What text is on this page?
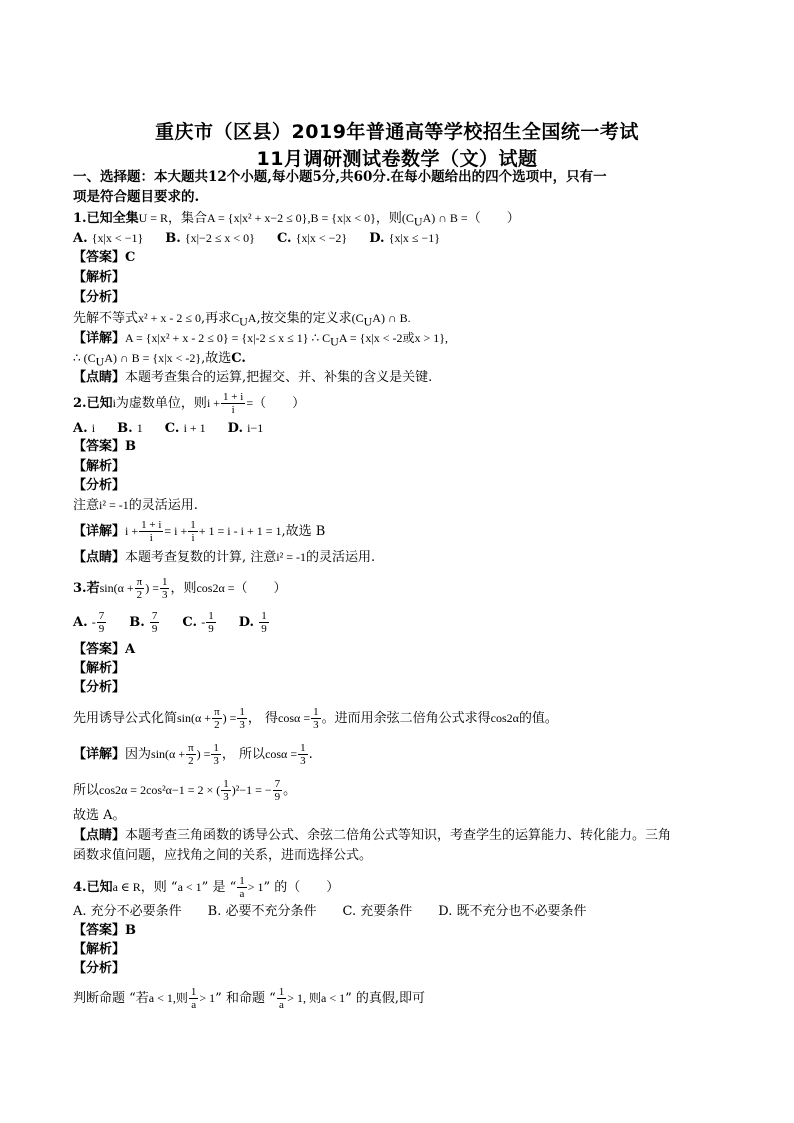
重庆市（区县）2019年普通高等学校招生全国统一考试
11月调研测试卷数学（文）试题
一、选择题：本大题共12个小题,每小题5分,共60分.在每小题给出的四个选项中，只有一
项是符合题目要求的.
1.已知全集U = R，集合A = {x|x² + x−2 ≤ 0},B = {x|x < 0}，则$(C_UA)$ ∩ B =（　　）
A. {x|x < −1} B. {x|−2 ≤ x < 0} C. {x|x < −2} D. {x|x ≤ −1}
【答案】C
【解析】
【分析】
先解不等式x² + x - 2 ≤ 0,再求$C_UA$,按交集的定义求$(C_UA)$ ∩ B.
【详解】A = {x|x² + x - 2 ≤ 0} = {x|-2 ≤ x ≤ 1} ∴ $C_UA = \{x|x < -2$或x > 1},
∴ $(C_UA)$ ∩ B = {x|x < -2},故选C.
【点睛】本题考查集合的运算,把握交、并、补集的含义是关键.
2.已知i为虚数单位，则$i + \frac{1 + i}{i}$ =（　　）
A. i B. 1 C. i + 1 D. i−1
【答案】B
【解析】
【分析】
注意i² = -1的灵活运用.
【详解】$i + \frac{1 + i}{i} = i + \frac{1}{i} + 1 = i - i + 1 = 1$,故选 B
【点睛】本题考查复数的计算, 注意i² = -1的灵活运用.
3.若$\sin(\alpha + \frac{\pi}{2}$ ) = $\frac{1}{3}$ ，则cos2α =（　　）
A. - $\frac{7}{9} B$. $\frac{7}{9} C$. - $\frac{1}{9} D$. $\frac{1}{9}$
【答案】A
【解析】
【分析】
先用诱导公式化简$\sin(\alpha + \frac{\pi}{2}$ ) = $\frac{1}{3}$ ， 得$\cos\alpha = \frac{1}{3}$ 。进而用余弦二倍角公式求得cos2α的值。
【详解】因为$\sin(\alpha + \frac{\pi}{2}$ ) = $\frac{1}{3}$ ， 所以$\cos\alpha = \frac{1}{3}$ .
所以cos2α = 2cos²α−1 = 2 × ( $\frac{1}{3} )^2-1$ = − $\frac{7}{9}$ 。
故选 A。
【点睛】本题考查三角函数的诱导公式、余弦二倍角公式等知识，考查学生的运算能力、转化能力。三角
函数求值问题，应找角之间的关系，进而选择公式。
4.已知a ∈ R，则 “a < 1” 是 “ $\frac{1}{a} > 1$” 的（　　）
A. 充分不必要条件 B. 必要不充分条件 C. 充要条件 D. 既不充分也不必要条件
【答案】B
【解析】
【分析】
判断命题 “若a < 1,则 $\frac{1}{a} > 1$” 和命题 “ $\frac{1}{a} > 1$, 则a < 1” 的真假,即可
